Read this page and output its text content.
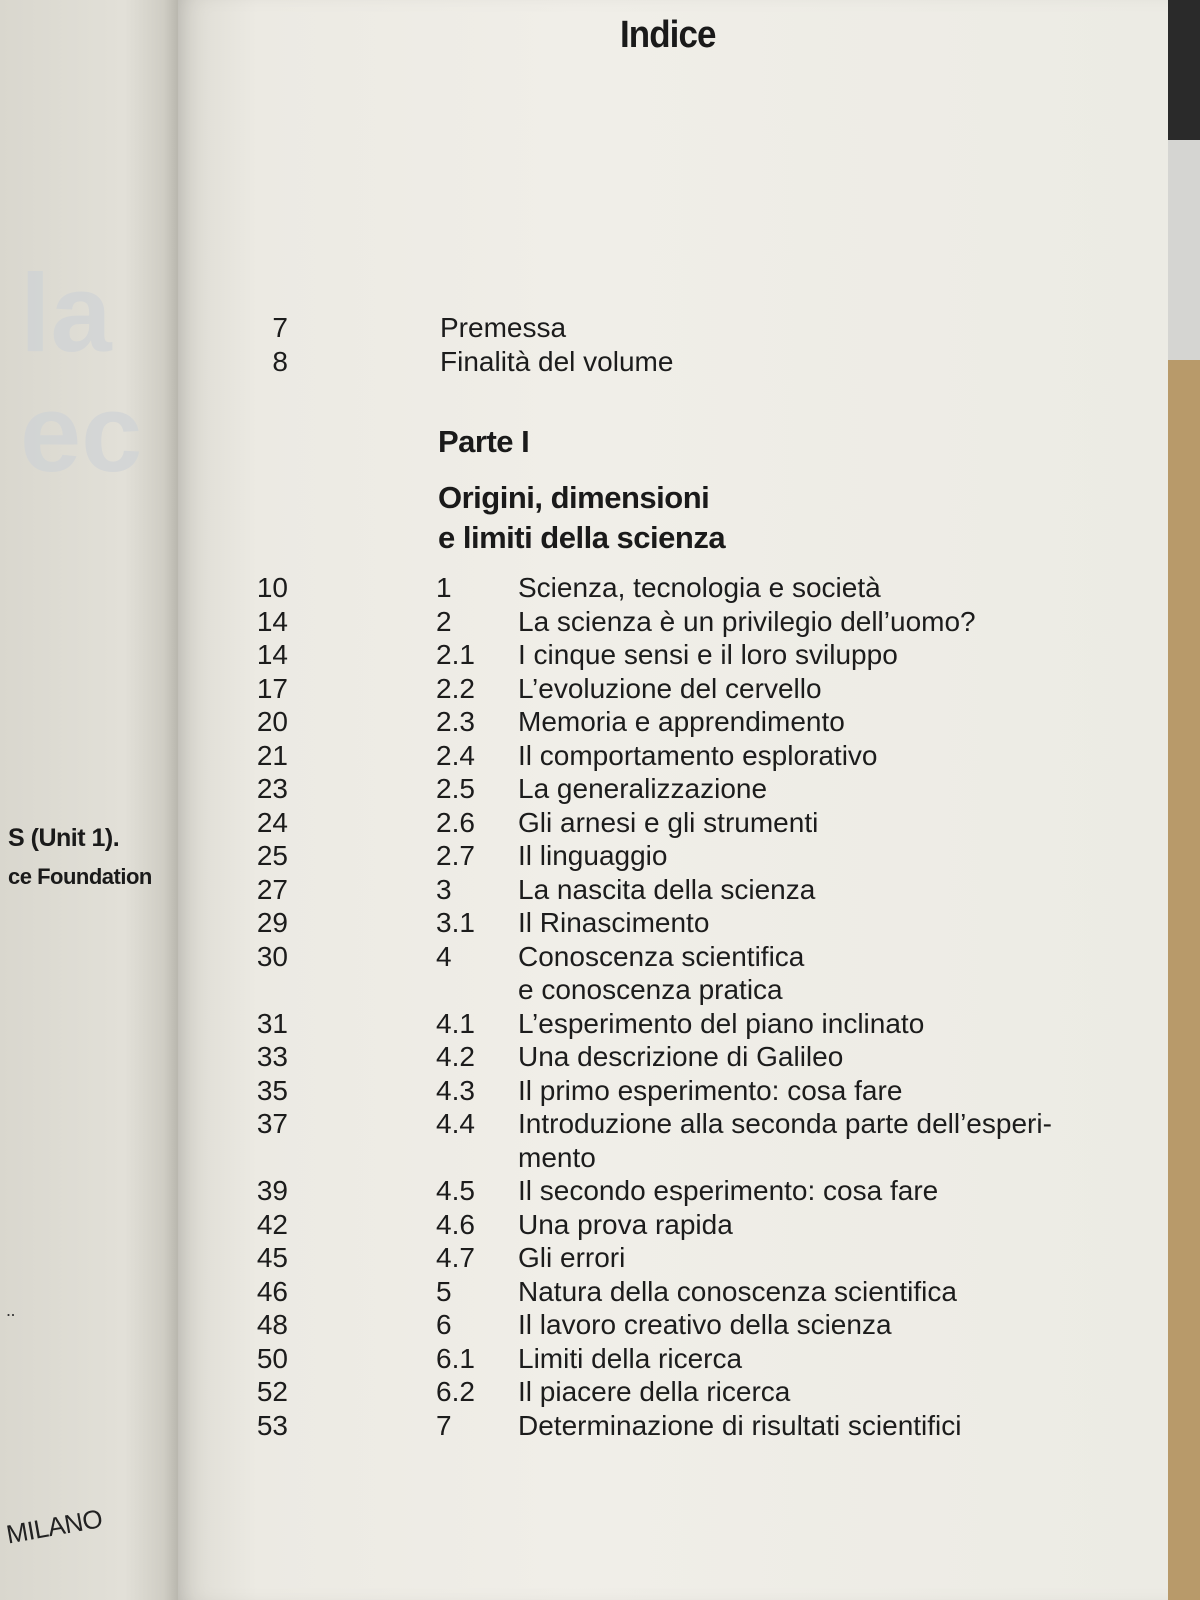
la
ec
S (Unit 1).
ce Foundation
..
MILANO
Indice
7	Premessa
8	Finalità del volume
Parte I
Origini, dimensioni
e limiti della scienza
10	1 Scienza, tecnologia e società
14	2 La scienza è un privilegio dell’uomo?
14	2.1 I cinque sensi e il loro sviluppo
17	2.2 L’evoluzione del cervello
20	2.3 Memoria e apprendimento
21	2.4 Il comportamento esplorativo
23	2.5 La generalizzazione
24	2.6 Gli arnesi e gli strumenti
25	2.7 Il linguaggio
27	3 La nascita della scienza
29	3.1 Il Rinascimento
30	4 Conoscenza scientifica
e conoscenza pratica
31	4.1 L’esperimento del piano inclinato
33	4.2 Una descrizione di Galileo
35	4.3 Il primo esperimento: cosa fare
37	4.4 Introduzione alla seconda parte dell’esperi-
mento
39	4.5 Il secondo esperimento: cosa fare
42	4.6 Una prova rapida
45	4.7 Gli errori
46	5 Natura della conoscenza scientifica
48	6 Il lavoro creativo della scienza
50	6.1 Limiti della ricerca
52	6.2 Il piacere della ricerca
53	7 Determinazione di risultati scientifici
